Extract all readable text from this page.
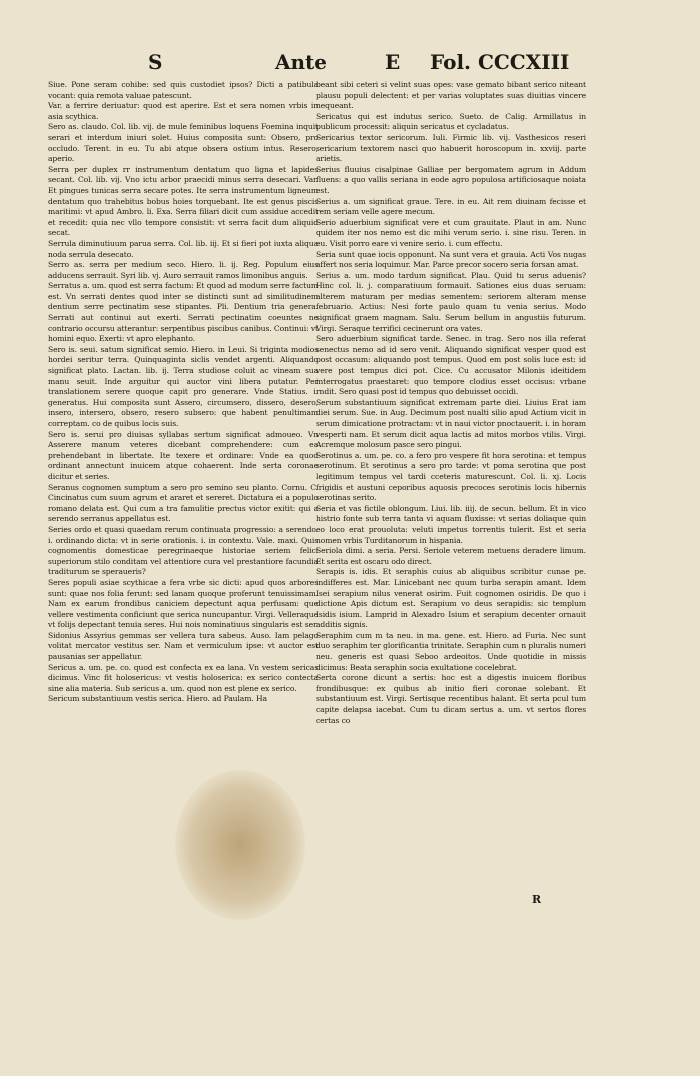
S	Ante	E Fol. CCCXIII

Siue. Pone seram cohibe: sed quis custodiet ipsos? Dicti a patibula vocant: quia remota valuae patescunt.

Var. a ferrire deriuatur: quod est aperire. Est et sera nomen vrbis in asia scythica.

Sero as. claudo. Col. lib. vij. de mule feminibus loquens Foemina inquit serari et interdum iniuri solet. Huius composita sunt: Obsero, pro occludo. Terent. in eu. Tu abi atque obsera ostium intus. Resero, aperio.

Serra per duplex rr instrumentum dentatum quo ligna et lapides secant. Col. lib. vij. Vno ictu arbor praecidi minus serra desecari. Var. Et pingues tunicas serra secare potes. Ite serra instrumentum ligneum dentatum quo trahebitus bobus hoies torquebant. Ite est genus piscis maritimi: vt apud Ambro. li. Exa. Serra filiari dicit cum assidue accedit et recedit: quia nec vllo tempore consistit: vt serra facit dum aliquid secat.

Serrula diminutiuum parua serra. Col. lib. iij. Et si fieri pot iuxta aliqua noda serrula desecato.

Serro as. serra per medium seco. Hiero. li. ij. Reg. Populum eius adducens serrauit. Syri lib. vj. Auro serrauit ramos limonibus anguis.

Serratus a. um. quod est serra factum: Et quod ad modum serre factum est. Vn serrati dentes quod inter se distincti sunt ad similitudinem dentium serre pectinatim sese stipantes. Pli. Dentium tria genera. Serrati aut continui aut exerti. Serrati pectinatim coeuntes ne contrario occursu atterantur: serpentibus piscibus canibus. Continui: vt homini equo. Exerti: vt apro elephanto.

Sero is. seui. satum significat semio. Hiero. in Leui. Si triginta modios hordei seritur terra. Quinquaginta siclis vendet argenti. Aliquando significat plato. Lactan. lib. ij. Terra studiose coluit ac vineam sua manu seuit. Inde arguitur qui auctor vini libera putatur. Per translationem serere quoque capit pro generare. Vnde Statius. i. generatus. Hui composita sunt Assero, circumsero, dissero, desero, insero, intersero, obsero, resero subsero: que habent penultimam correptam. co de quibus locis suis.

Sero is. serui pro diuisas syllabas sertum significat admoueo. Vn Asserere manum veteres dicebant comprehendere: cum ea prehendebant in libertate. Ite texere et ordinare: Vnde ea quod ordinant annectunt inuicem atque cohaerent. Inde serta coronae dicitur et series.

Seranus cognomen sumptum a sero pro semino seu planto. Cornu. C. Cincinatus cum suum agrum et araret et sereret. Dictatura ei a populo romano delata est. Qui cum a tra famulitie prectus victor exitit: qui a serendo serranus appellatus est.

Series ordo et quasi quaedam rerum continuata progressio: a serendo. i. ordinando dicta: vt in serie orationis. i. in contextu. Vale. maxi. Quis cognomentis domesticae peregrinaeque historiae seriem felici superiorum stilo conditam vel attentiore cura vel prestantiore facundia traditurum se speraueris?

Seres populi asiae scythicae a fera vrbe sic dicti: apud quos arbores sunt: quae nos folia ferunt: sed lanam quoque proferunt tenuissimam. Nam ex earum frondibus caniciem depectunt aqua perfusam: que vellere vestimenta conficiunt que serica nuncupantur. Virgi. Velleraque vt folijs depectant tenuia seres. Hui nois nominatiuus singularis est ser. Sidonius Assyrius gemmas ser vellera tura sabeus. Auso. Iam pelago volitat mercator vestitus ser. Nam et vermiculum ipse: vt auctor est pausanias ser appellatur.

Sericus a. um. pe. co. quod est confecta ex ea lana. Vn vestem sericas dicimus. Vinc fit holosericus: vt vestis holoserica: ex serico contecta sine alia materia. Sub sericus a. um. quod non est plene ex serico.

Sericum substantiuum vestis serica. Hiero. ad Paulam. Ha

beant sibi ceteri si velint suas opes: vase gemato bibant serico niteant plausu populi delectent: et per varias voluptates suas diuitias vincere nequeant.

Sericatus qui est indutus serico. Sueto. de Calig. Armillatus in publicum processit: aliquin sericatus et cycladatus.

Sericarius textor sericorum. Iuli. Firmic lib. vij. Vasthesicos reseri sericarium textorem nasci quo habuerit horoscopum in. xxviij. parte arietis.

Serius fluuius cisalpinae Galliae per bergomatem agrum in Addum fluens: a quo vallis seriana in eode agro populosa artificiosaque noiata est.

Serius a. um significat graue. Tere. in eu. Ait rem diuinam fecisse et rem seriam velle agere mecum.

Serio aduerbium significat vere et cum grauitate. Plaut in am. Nunc quidem iter nos nemo est dic mihi verum serio. i. sine risu. Teren. in eu. Visit porro eare vi venire serio. i. cum effectu.

Seria sunt quae iocis opponunt. Na sunt vera et grauia. Acti Vos nugas affert nos seria loquimur. Mar. Parce precor socero seria forsan amat.

Serius a. um. modo tardum significat. Plau. Quid tu serus aduenis? Hinc col. li. j. comparatiuum formauit. Sationes eius duas seruam: alterem maturam per medias sementem: seriorem alteram mense februario. Actius: Nesi forte paulo quam tu venia serius. Modo significat graem magnam. Salu. Serum bellum in angustiis futurum. Virgi. Seraque terrifici cecinerunt ora vates.

Sero aduerbium significat tarde. Senec. in trag. Sero nos illa referat senectus nemo ad id sero venit. Aliquando significat vesper quod est post occasum: aliquando post tempus. Quod em post solis luce est: id vere post tempus dici pot. Cice. Cu accusator Milonis ideitidem interrogatus praestaret: quo tempore clodius esset occisus: vrbane rndit. Sero quasi post id tempus quo debuisset occidi.

Serum substantiuum significat extremam parte diei. Liuius Erat iam diei serum. Sue. in Aug. Decimum post nualti silio apud Actium vicit in serum dimicatione protractam: vt in naui victor pnoctauerit. i. in horam vesperti nam. Et serum dicit aqua lactis ad mitos morbos vtilis. Virgi. Acremque molosum pasce sero pingui.

Serotinus a. um. pe. co. a fero pro vespere fit hora serotina: et tempus serotinum. Et serotinus a sero pro tarde: vt poma serotina que post legitimum tempus vel tardi cceteris maturescunt. Col. li. xj. Locis frigidis et austuni ceporibus aquosis precoces serotinis locis hibernis serotinas serito.

Seria et vas fictile oblongum. Liui. lib. iiij. de secun. bellum. Et in vico histrio fonte sub terra tanta vi aquam fluxisse: vt serias doliaque quin eo loco erat prouoluta: veluti impetus torrentis tulerit. Est et seria nomen vrbis Turditanorum in hispania.

Seriola dimi. a seria. Persi. Seriole veterem metuens deradere limum. Et serita est oscaru odo direct.

Serapis is. idis. Et seraphis cuius ab aliquibus scribitur cunae pe. indifferes est. Mar. Linicebant nec quum turba serapin amant. Idem Isei serapium nilus venerat osirim. Fuit cognomen osiridis. De quo i dictione Apis dictum est. Serapium vo deus serapidis: sic templum Isidis isium. Lamprid in Alexadro Isium et serapium decenter ornauit additis signis.

Seraphim cum m ta neu. in ma. gene. est. Hiero. ad Furia. Nec sunt duo seraphim ter glorificantia trinitate. Seraphin cum n pluralis numeri neu. generis est quasi Seboo ardeoitos. Unde quotidie in missis dicimus: Beata seraphin socia exultatione cocelebrat.

Serta corone dicunt a sertis: hoc est a digestis inuicem floribus frondibusque: ex quibus ab initio fieri coronae solebant. Et substantiuum est. Virgi. Sertisque recentibus halant. Et serta pcul tum capite delapsa iacebat. Cum tu dicam sertus a. um. vt sertos flores certas co

R
